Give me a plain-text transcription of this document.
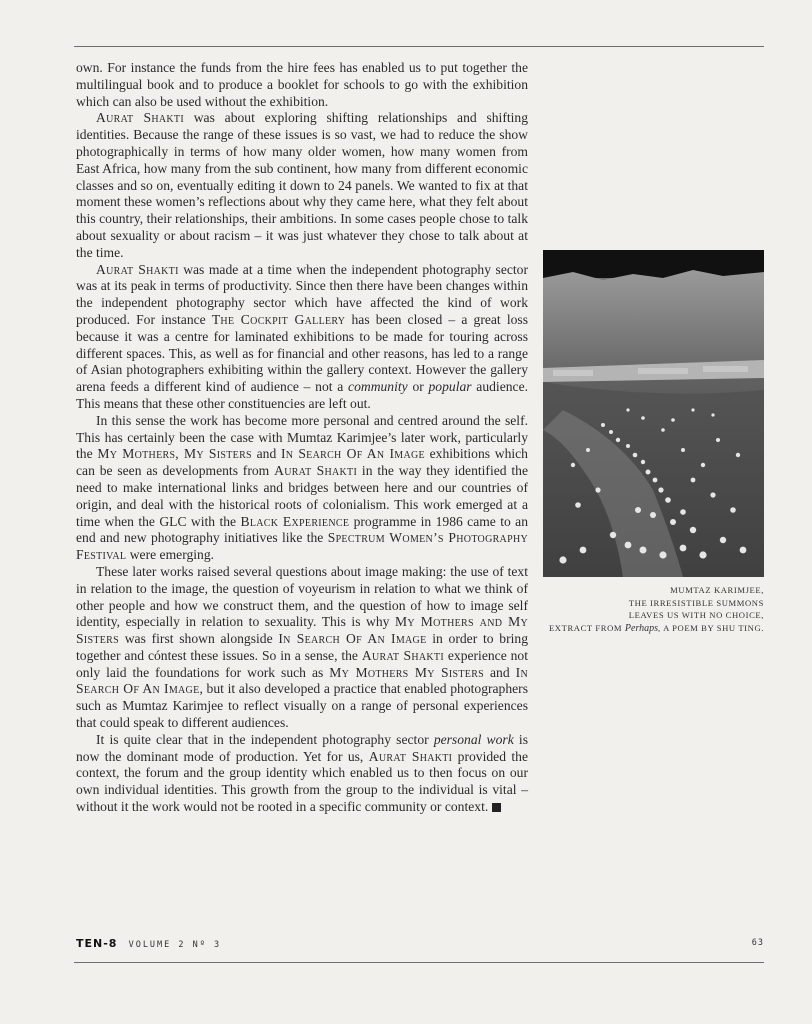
own. For instance the funds from the hire fees has enabled us to put together the multilingual book and to produce a booklet for schools to go with the exhibition which can also be used without the exhibition.

Aurat Shakti was about exploring shifting relationships and shifting identities. Because the range of these issues is so vast, we had to reduce the show photographically in terms of how many older women, how many women from East Africa, how many from the sub continent, how many from different economic classes and so on, eventually editing it down to 24 panels. We wanted to fix at that moment these women’s reflections about why they came here, what they felt about this country, their relationships, their ambitions. In some cases people chose to talk about sexuality or about racism – it was just whatever they chose to talk about at the time.

Aurat Shakti was made at a time when the independent photography sector was at its peak in terms of productivity. Since then there have been changes within the independent photography sector which have affected the kind of work produced. For instance The Cockpit Gallery has been closed – a great loss because it was a centre for laminated exhibitions to be made for touring across different spaces. This, as well as for financial and other reasons, has led to a range of Asian photographers exhibiting within the gallery context. However the gallery arena feeds a different kind of audience – not a community or popular audience. This means that these other constituencies are left out.

In this sense the work has become more personal and centred around the self. This has certainly been the case with Mumtaz Karimjee’s later work, particularly the My Mothers, My Sisters and In Search Of An Image exhibitions which can be seen as developments from Aurat Shakti in the way they identified the need to make international links and bridges between here and our countries of origin, and deal with the historical roots of colonialism. This work emerged at a time when the GLC with the Black Experience programme in 1986 came to an end and new photography initiatives like the Spectrum Women’s Photography Festival were emerging.

These later works raised several questions about image making: the use of text in relation to the image, the question of voyeurism in relation to what we think of other people and how we construct them, and the question of how to image self identity, especially in relation to sexuality. This is why My Mothers and My Sisters was first shown alongside In Search Of An Image in order to bring together and cóntest these issues. So in a sense, the Aurat Shakti experience not only laid the foundations for work such as My Mothers My Sisters and In Search Of An Image, but it also developed a practice that enabled photographers such as Mumtaz Karimjee to reflect visually on a range of personal experiences that could speak to different audiences.

It is quite clear that in the independent photography sector personal work is now the dominant mode of production. Yet for us, Aurat Shakti provided the context, the forum and the group identity which enabled us to then focus on our own individual identities. This growth from the group to the individual is vital – without it the work would not be rooted in a specific community or context.

MUMTAZ KARIMJEE,
THE IRRESISTIBLE SUMMONS
LEAVES US WITH NO CHOICE,
EXTRACT FROM Perhaps, A POEM BY SHU TING.
TEN-8 VOLUME 2 Nº 3	63
